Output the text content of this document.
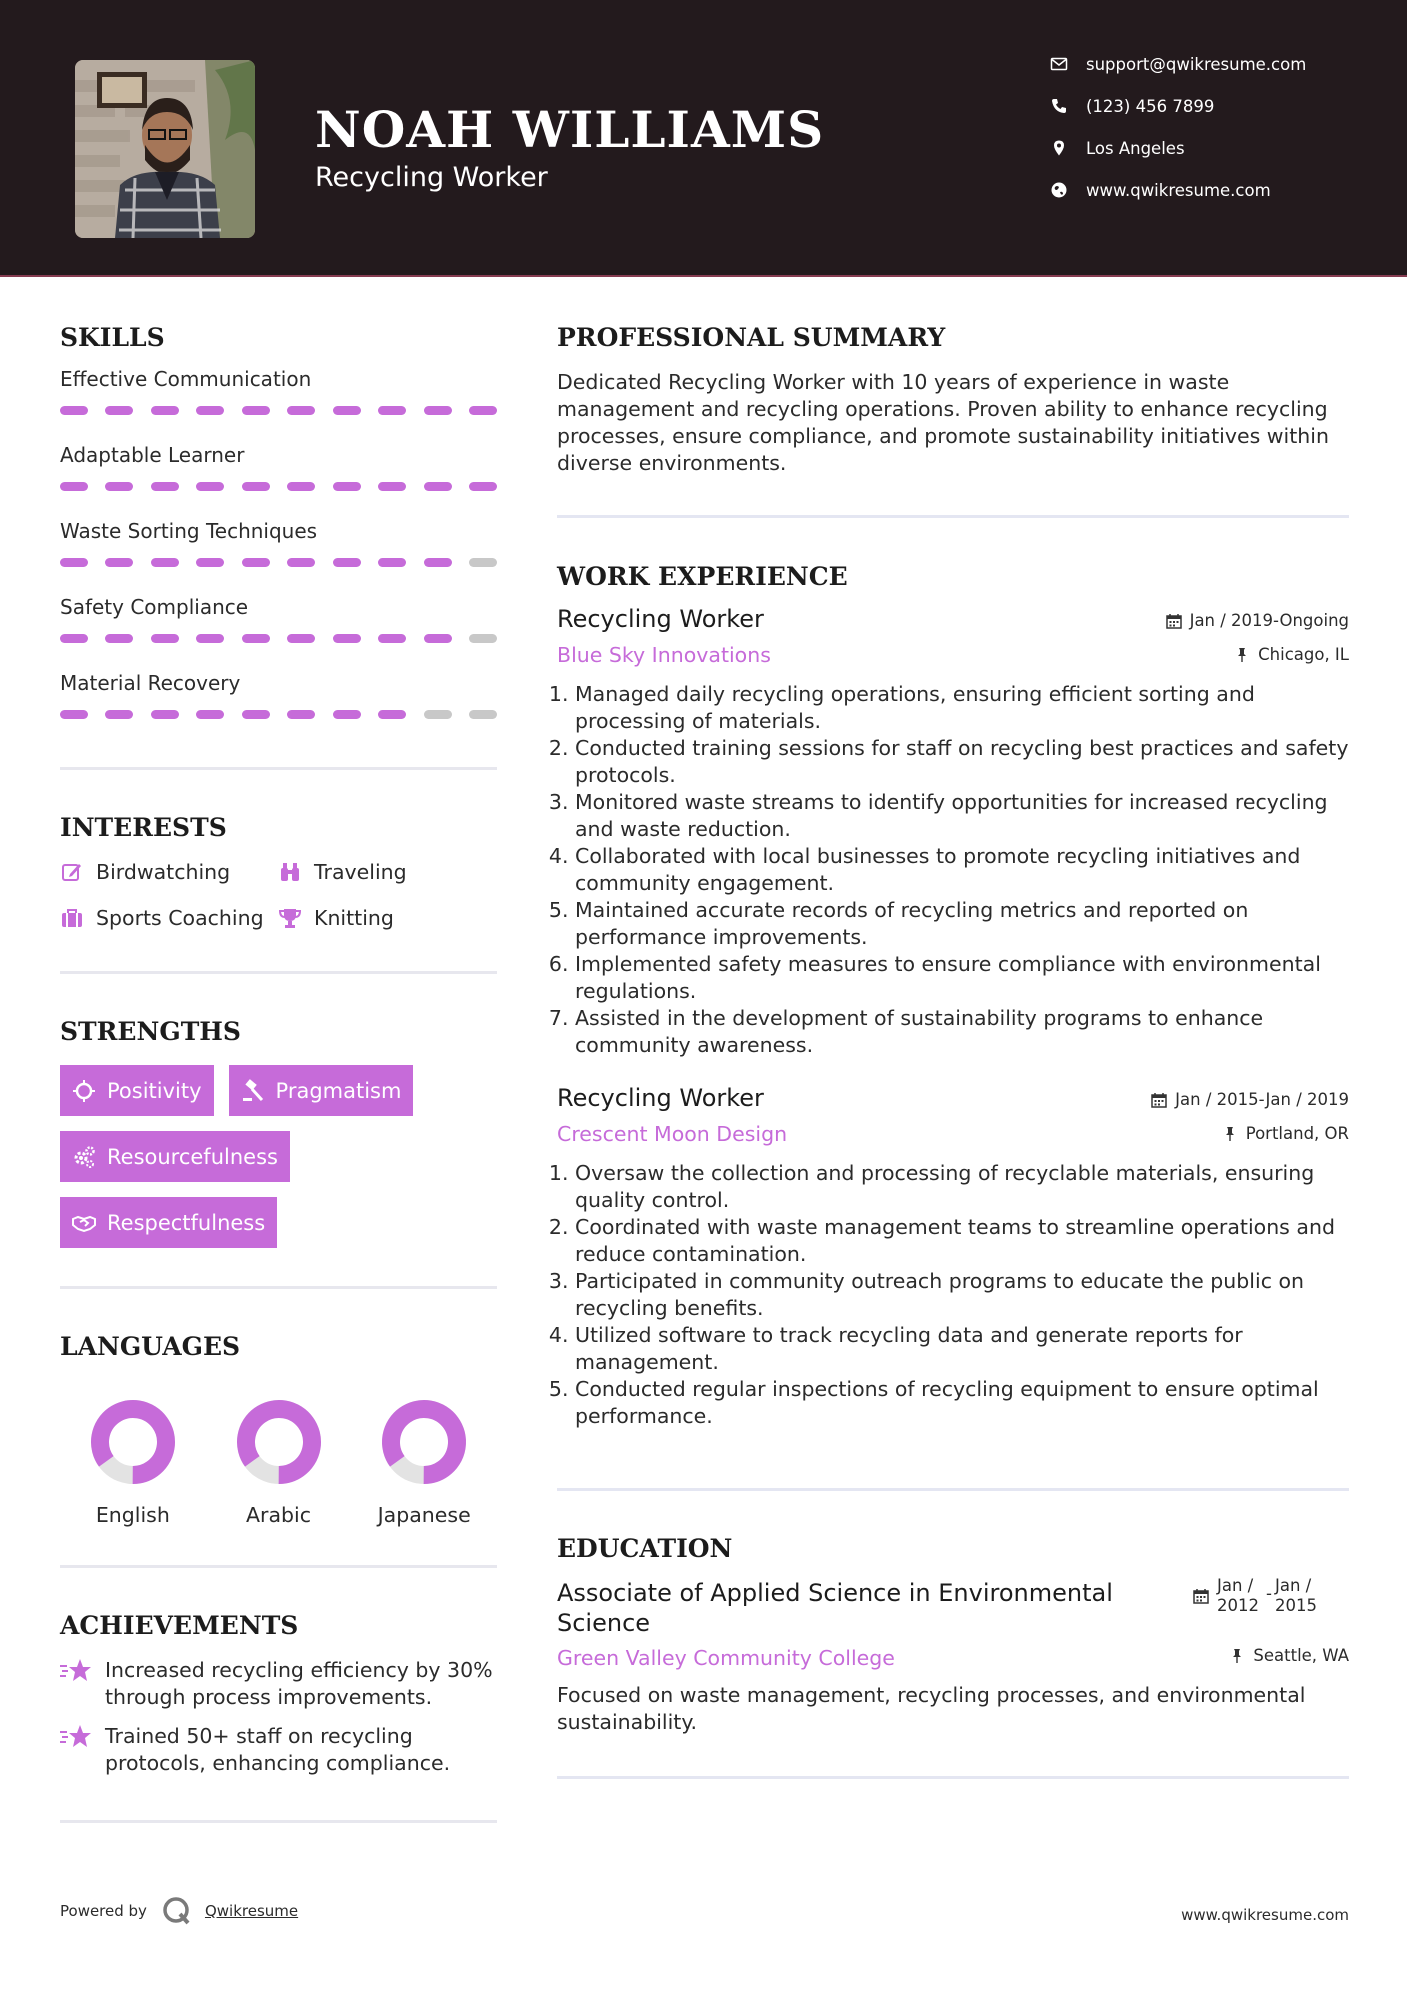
NOAH WILLIAMS
Recycling Worker
support@qwikresume.com
(123) 456 7899
Los Angeles
www.qwikresume.com
SKILLS
Effective Communication
Adaptable Learner
Waste Sorting Techniques
Safety Compliance
Material Recovery
INTERESTS
Birdwatching	Traveling
Sports Coaching Knitting
STRENGTHS
Positivity	Pragmatism
Resourcefulness
Respectfulness
LANGUAGES
English	Arabic	Japanese
ACHIEVEMENTS
Increased recycling efficiency by 30% through process improvements.
Trained 50+ staff on recycling protocols, enhancing compliance.
PROFESSIONAL SUMMARY
Dedicated Recycling Worker with 10 years of experience in waste management and recycling operations. Proven ability to enhance recycling processes, ensure compliance, and promote sustainability initiatives within diverse environments.
WORK EXPERIENCE
Recycling Worker	Jan / 2019-Ongoing
Blue Sky Innovations	Chicago, IL
1. Managed daily recycling operations, ensuring efficient sorting and processing of materials.
2. Conducted training sessions for staff on recycling best practices and safety protocols.
3. Monitored waste streams to identify opportunities for increased recycling and waste reduction.
4. Collaborated with local businesses to promote recycling initiatives and community engagement.
5. Maintained accurate records of recycling metrics and reported on performance improvements.
6. Implemented safety measures to ensure compliance with environmental regulations.
7. Assisted in the development of sustainability programs to enhance community awareness.
Recycling Worker	Jan / 2015-Jan / 2019
Crescent Moon Design	Portland, OR
1. Oversaw the collection and processing of recyclable materials, ensuring quality control.
2. Coordinated with waste management teams to streamline operations and reduce contamination.
3. Participated in community outreach programs to educate the public on recycling benefits.
4. Utilized software to track recycling data and generate reports for management.
5. Conducted regular inspections of recycling equipment to ensure optimal performance.
EDUCATION
Associate of Applied Science in Environmental Science
Jan / 2012
- Jan / 2015
Green Valley Community College	Seattle, WA
Focused on waste management, recycling processes, and environmental sustainability.
Powered by	Qwikresume	www.qwikresume.com
